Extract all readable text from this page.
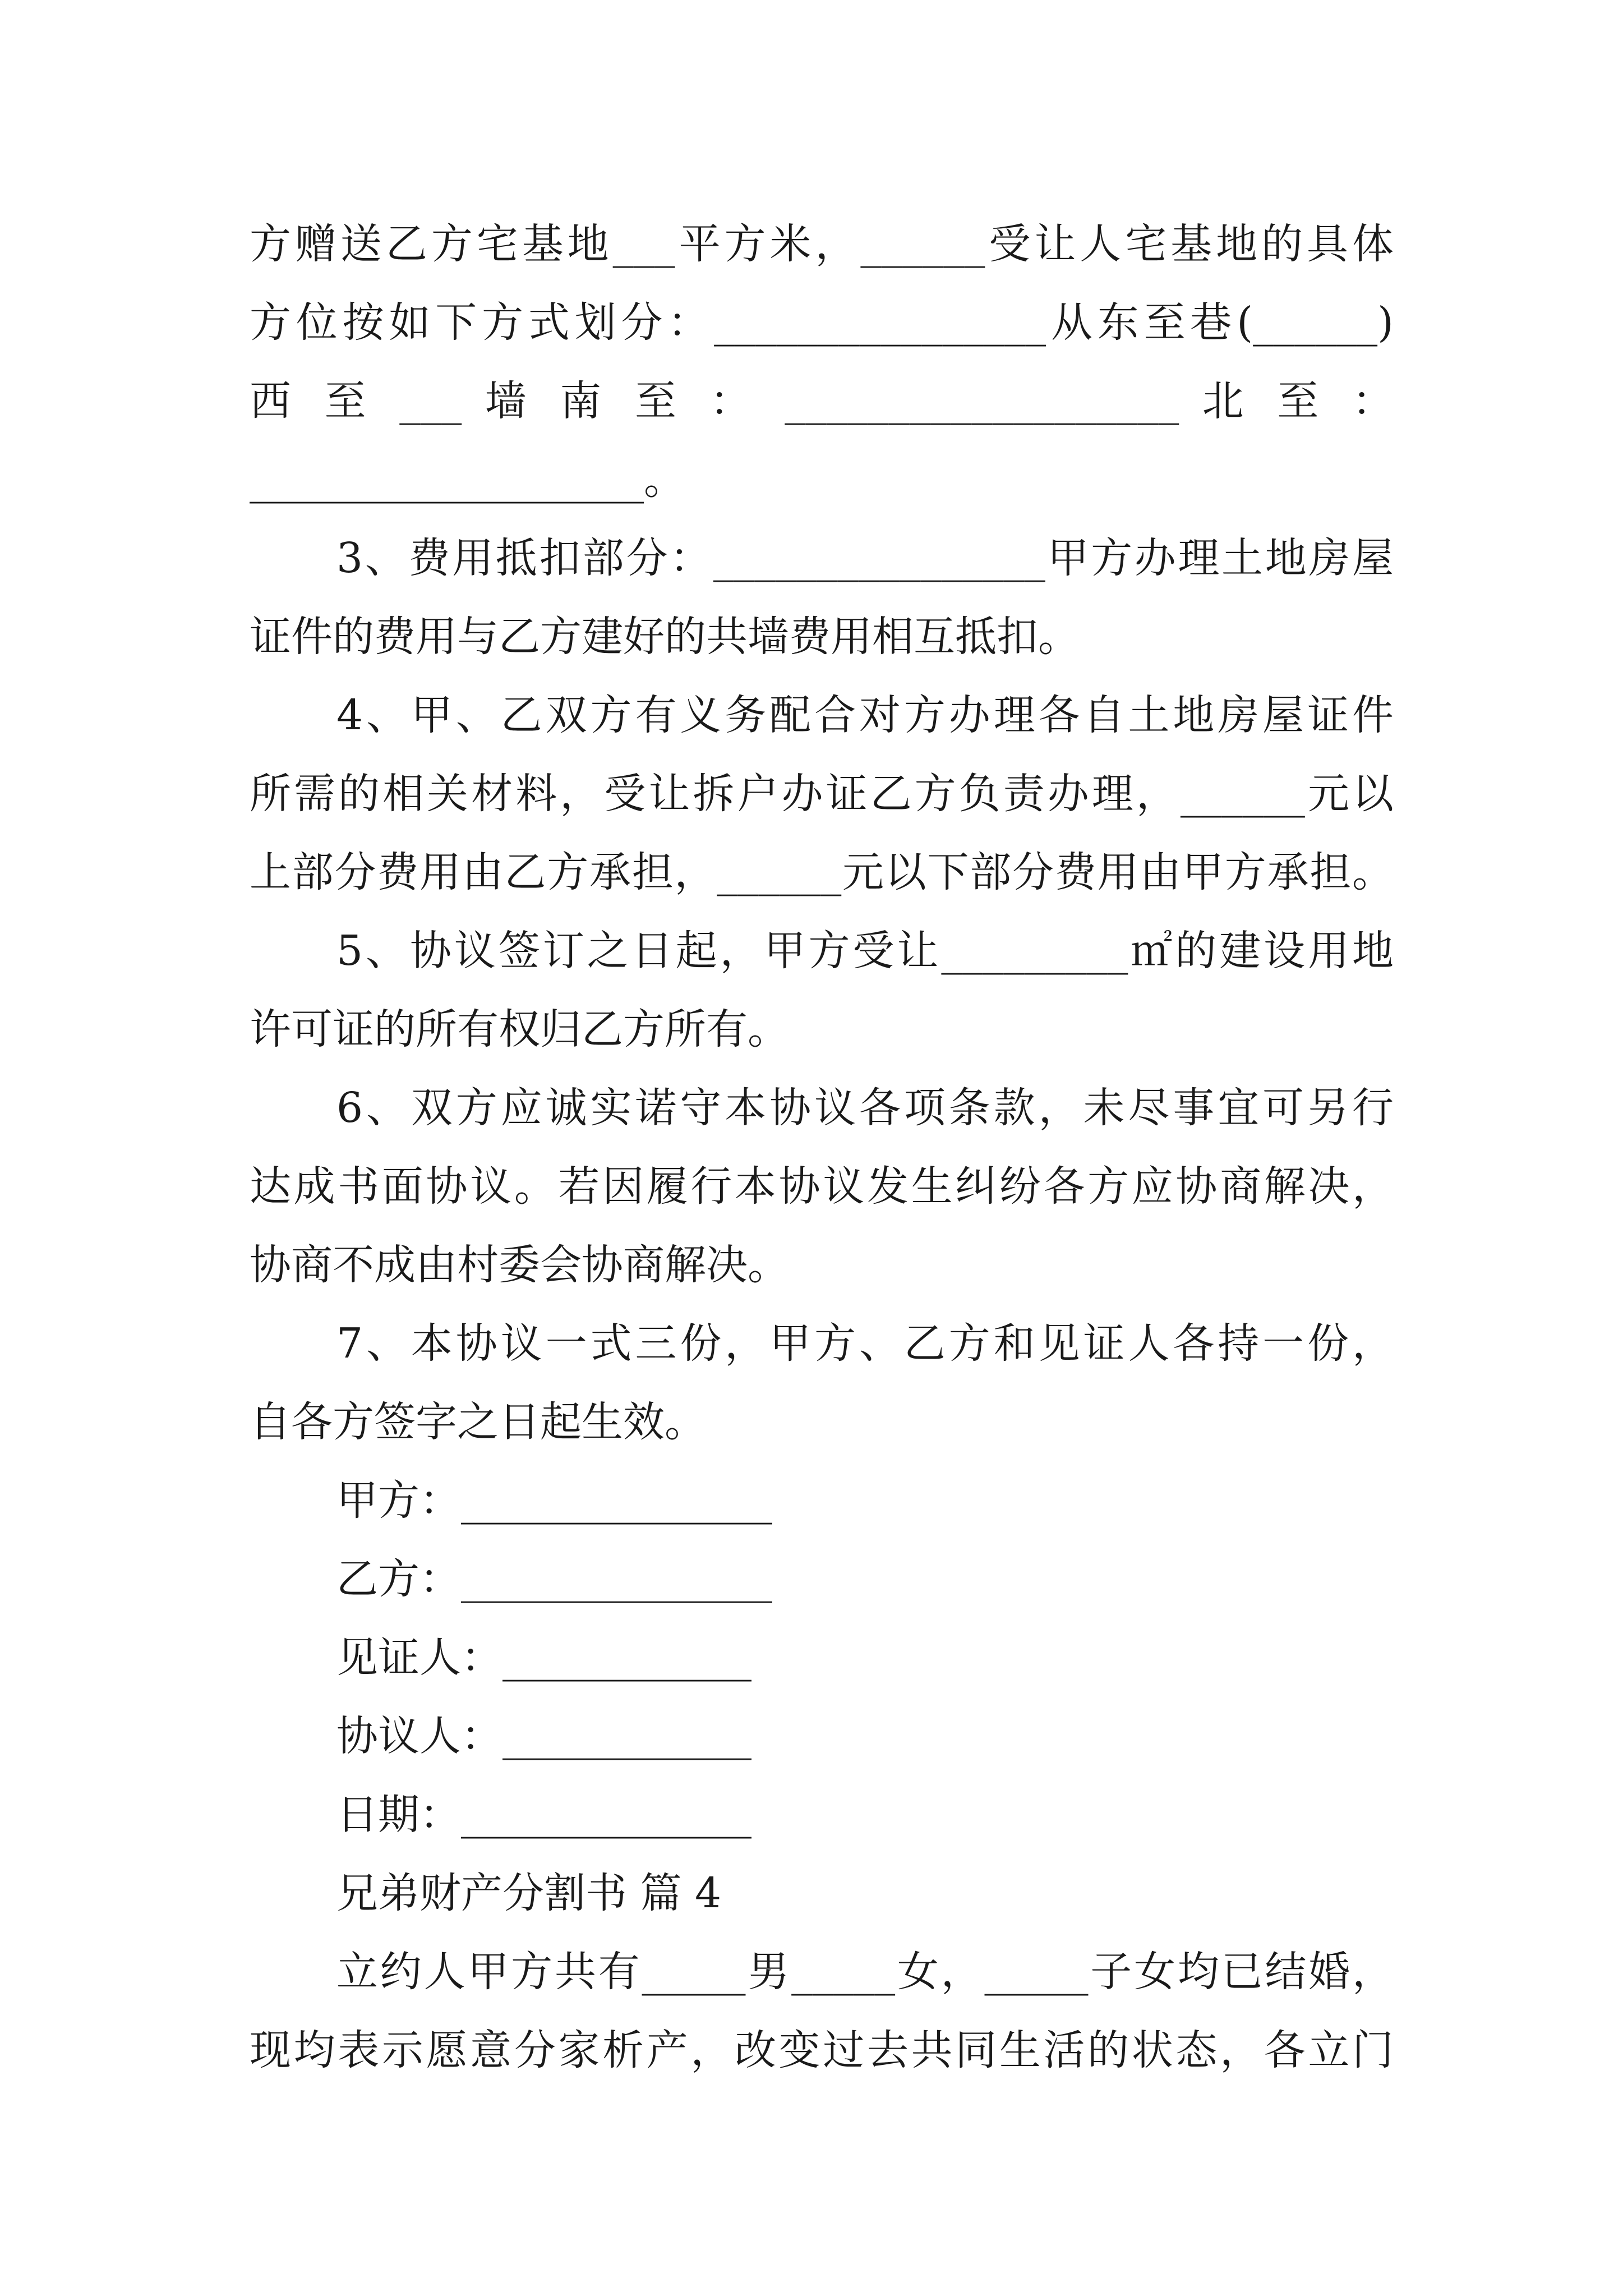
方赠送乙方宅基地___平方米，______受让人宅基地的具体
方位按如下方式划分：________________从东至巷(______)
西 至 ___ 墙 南 至 ： ___________________ 北 至 ：
___________________。
3、费用抵扣部分：________________甲方办理土地房屋
证件的费用与乙方建好的共墙费用相互抵扣。
4、甲、乙双方有义务配合对方办理各自土地房屋证件
所需的相关材料，受让拆户办证乙方负责办理，______元以
上部分费用由乙方承担，______元以下部分费用由甲方承担。
5、协议签订之日起，甲方受让_________㎡的建设用地
许可证的所有权归乙方所有。
6、双方应诚实诺守本协议各项条款，未尽事宜可另行
达成书面协议。若因履行本协议发生纠纷各方应协商解决，
协商不成由村委会协商解决。
7、本协议一式三份，甲方、乙方和见证人各持一份，
自各方签字之日起生效。
甲方：_______________
乙方：_______________
见证人：____________
协议人：____________
日期：______________
兄弟财产分割书 篇 4
立约人甲方共有_____男_____女，_____子女均已结婚，
现均表示愿意分家析产，改变过去共同生活的状态，各立门
